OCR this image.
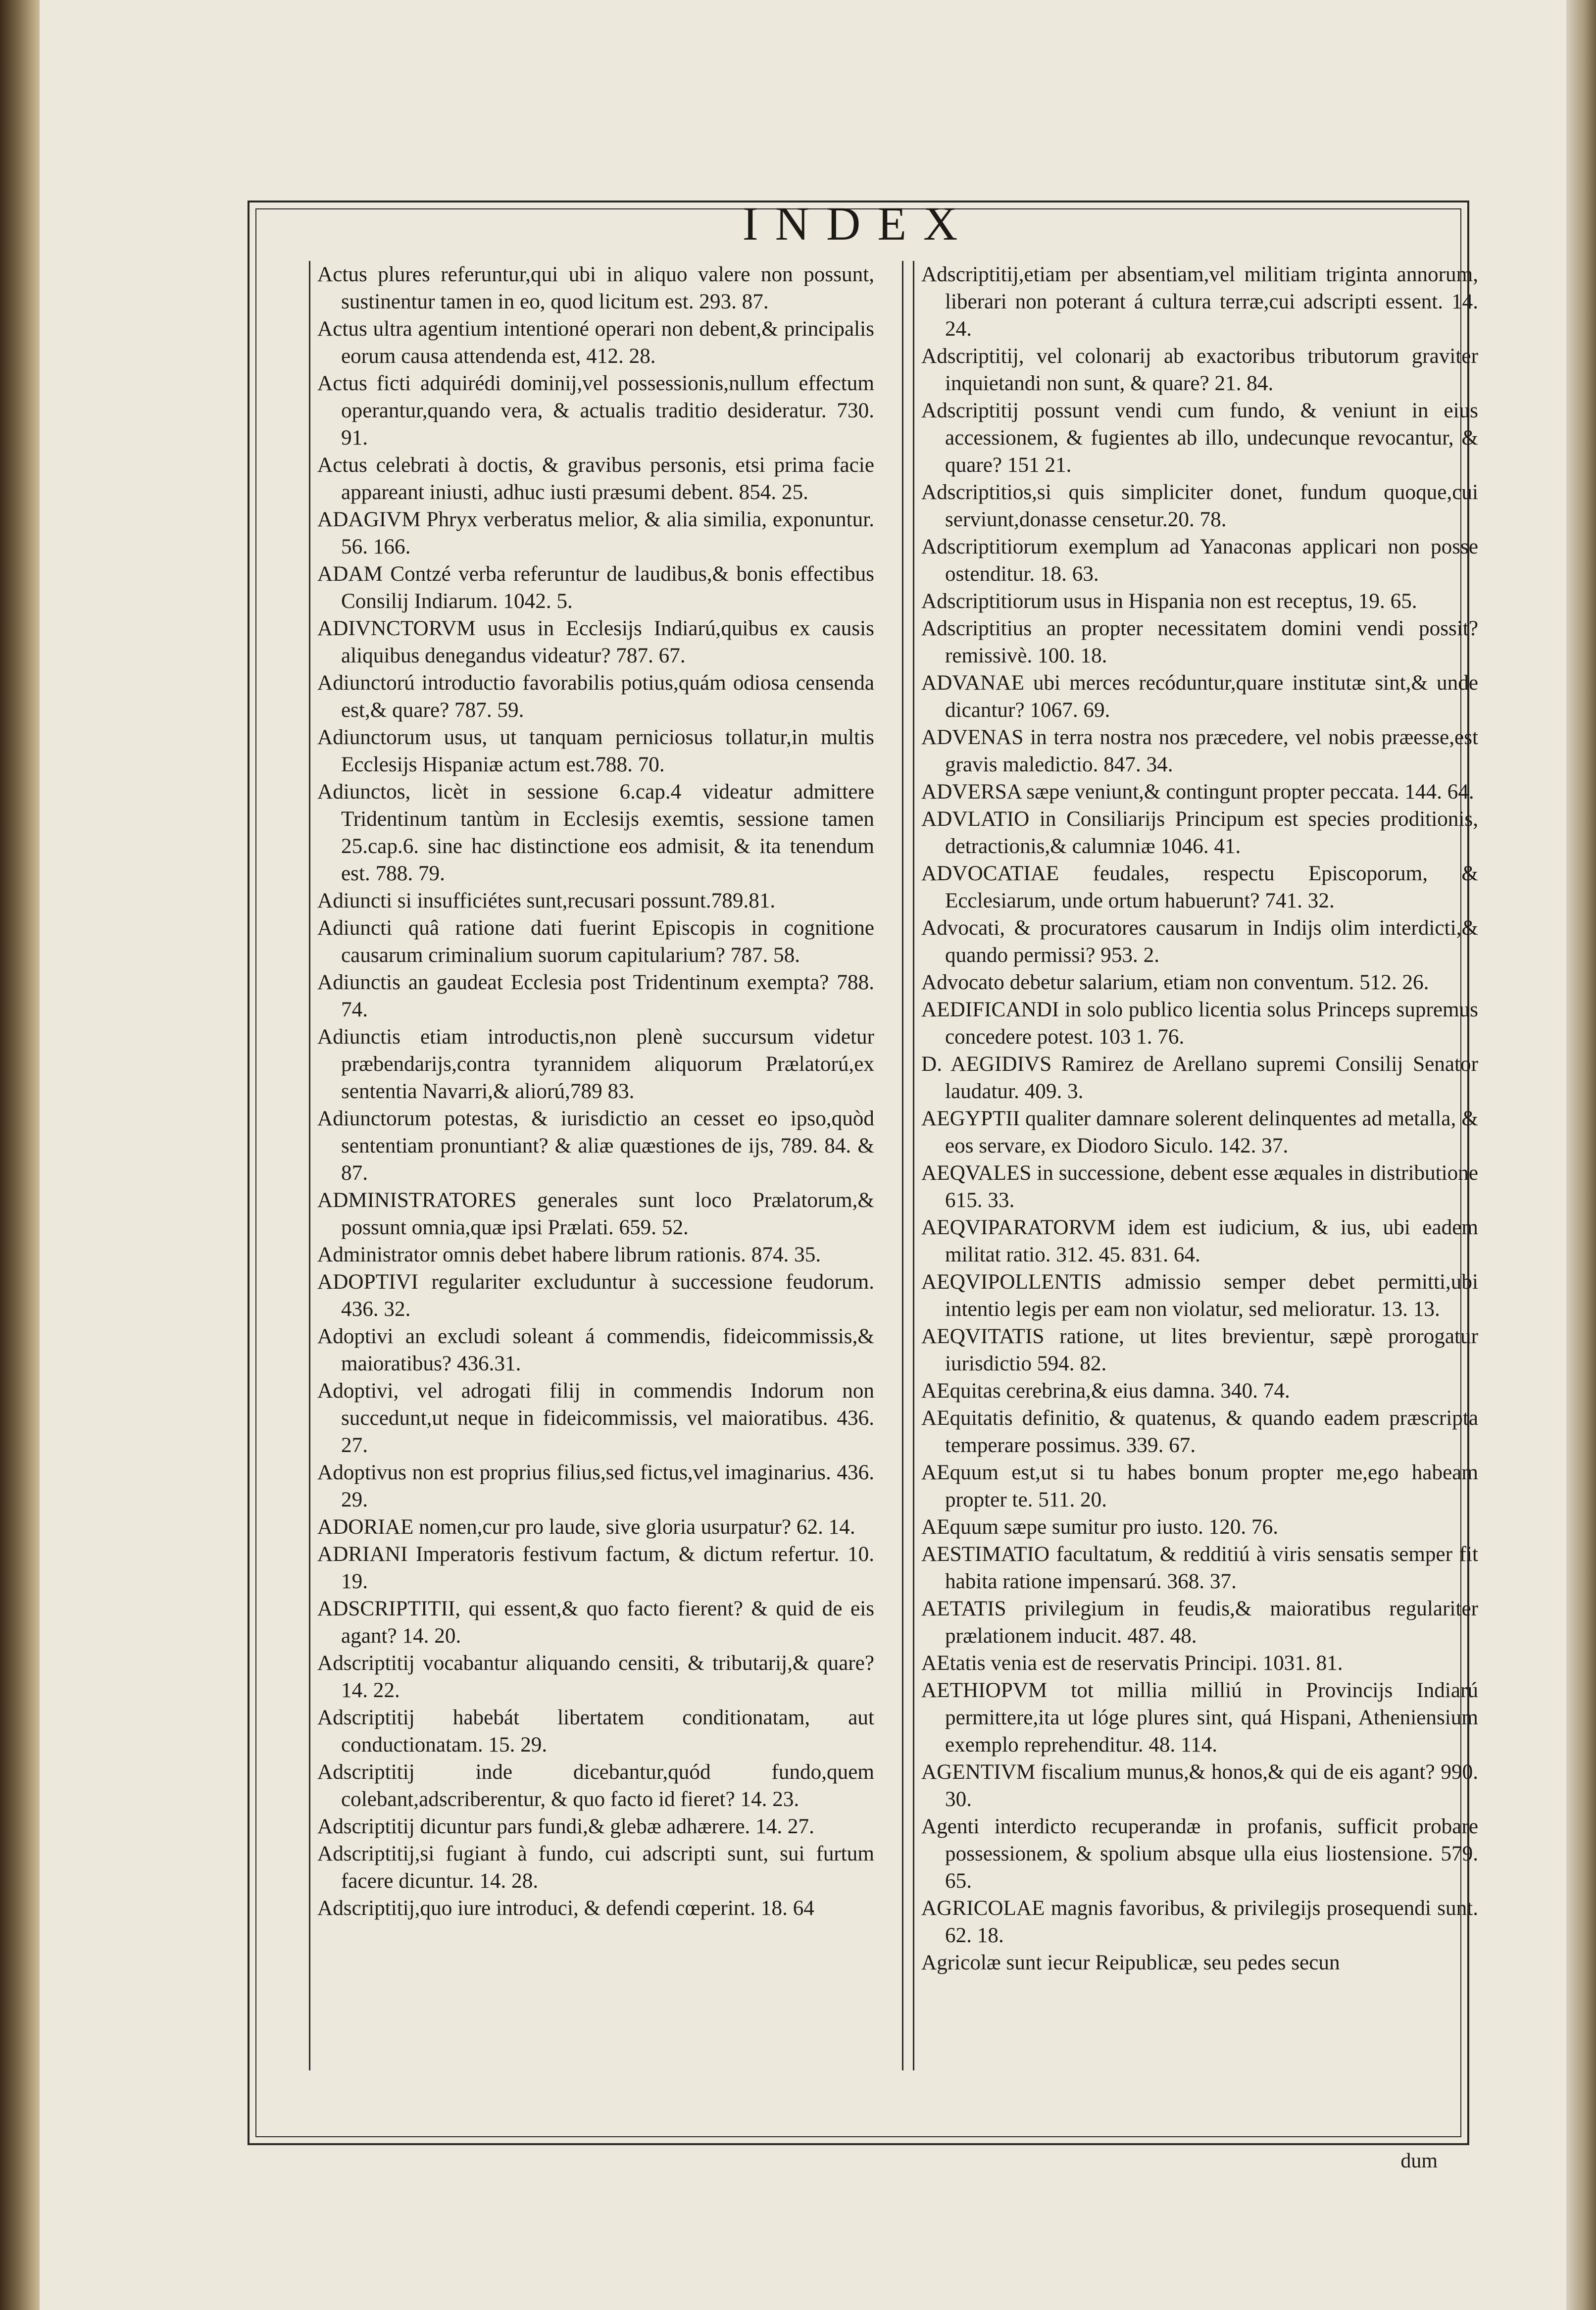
INDEX

Actus plures referuntur,qui ubi in aliquo valere non possunt, sustinentur tamen in eo, quod licitum est. 293. 87.

Actus ultra agentium intentioné operari non debent,& principalis eorum causa attendenda est, 412. 28.

Actus ficti adquirédi dominij,vel possessionis,nullum effectum operantur,quando vera, & actualis traditio desideratur. 730. 91.

Actus celebrati à doctis, & gravibus personis, etsi prima facie appareant iniusti, adhuc iusti præsumi debent. 854. 25.

ADAGIVM Phryx verberatus melior, & alia similia, exponuntur. 56. 166.

ADAM Contzé verba referuntur de laudibus,& bonis effectibus Consilij Indiarum. 1042. 5.

ADIVNCTORVM usus in Ecclesijs Indiarú,quibus ex causis aliquibus denegandus videatur? 787. 67.

Adiunctorú introductio favorabilis potius,quám odiosa censenda est,& quare? 787. 59.

Adiunctorum usus, ut tanquam perniciosus tollatur,in multis Ecclesijs Hispaniæ actum est.788. 70.

Adiunctos, licèt in sessione 6.cap.4 videatur admittere Tridentinum tantùm in Ecclesijs exemtis, sessione tamen 25.cap.6. sine hac distinctione eos admisit, & ita tenendum est. 788. 79.

Adiuncti si insufficiétes sunt,recusari possunt.789.81.

Adiuncti quâ ratione dati fuerint Episcopis in cognitione causarum criminalium suorum capitularium? 787. 58.

Adiunctis an gaudeat Ecclesia post Tridentinum exempta? 788. 74.

Adiunctis etiam introductis,non plenè succursum videtur præbendarijs,contra tyrannidem aliquorum Prælatorú,ex sententia Navarri,& aliorú,789 83.

Adiunctorum potestas, & iurisdictio an cesset eo ipso,quòd sententiam pronuntiant? & aliæ quæstiones de ijs, 789. 84. & 87.

ADMINISTRATORES generales sunt loco Prælatorum,& possunt omnia,quæ ipsi Prælati. 659. 52.

Administrator omnis debet habere librum rationis. 874. 35.

ADOPTIVI regulariter excluduntur à successione feudorum. 436. 32.

Adoptivi an excludi soleant á commendis, fideicommissis,& maioratibus? 436.31.

Adoptivi, vel adrogati filij in commendis Indorum non succedunt,ut neque in fideicommissis, vel maioratibus. 436. 27.

Adoptivus non est proprius filius,sed fictus,vel imaginarius. 436. 29.

ADORIAE nomen,cur pro laude, sive gloria usurpatur? 62. 14.

ADRIANI Imperatoris festivum factum, & dictum refertur. 10. 19.

ADSCRIPTITII, qui essent,& quo facto fierent? & quid de eis agant? 14. 20.

Adscriptitij vocabantur aliquando censiti, & tributarij,& quare? 14. 22.

Adscriptitij habebát libertatem conditionatam, aut conductionatam. 15. 29.

Adscriptitij inde dicebantur,quód fundo,quem colebant,adscriberentur, & quo facto id fieret? 14. 23.

Adscriptitij dicuntur pars fundi,& glebæ adhærere. 14. 27.

Adscriptitij,si fugiant à fundo, cui adscripti sunt, sui furtum facere dicuntur. 14. 28.

Adscriptitij,quo iure introduci, & defendi cœperint. 18. 64

Adscriptitij,etiam per absentiam,vel militiam triginta annorum, liberari non poterant á cultura terræ,cui adscripti essent. 14. 24.

Adscriptitij, vel colonarij ab exactoribus tributorum graviter inquietandi non sunt, & quare? 21. 84.

Adscriptitij possunt vendi cum fundo, & veniunt in eius accessionem, & fugientes ab illo, undecunque revocantur, & quare? 151 21.

Adscriptitios,si quis simpliciter donet, fundum quoque,cui serviunt,donasse censetur.20. 78.

Adscriptitiorum exemplum ad Yanaconas applicari non posse ostenditur. 18. 63.

Adscriptitiorum usus in Hispania non est receptus, 19. 65.

Adscriptitius an propter necessitatem domini vendi possit? remissivè. 100. 18.

ADVANAE ubi merces recóduntur,quare institutæ sint,& unde dicantur? 1067. 69.

ADVENAS in terra nostra nos præcedere, vel nobis præesse,est gravis maledictio. 847. 34.

ADVERSA sæpe veniunt,& contingunt propter peccata. 144. 64.

ADVLATIO in Consiliarijs Principum est species proditionis, detractionis,& calumniæ 1046. 41.

ADVOCATIAE feudales, respectu Episcoporum, & Ecclesiarum, unde ortum habuerunt? 741. 32.

Advocati, & procuratores causarum in Indijs olim interdicti,& quando permissi? 953. 2.

Advocato debetur salarium, etiam non conventum. 512. 26.

AEDIFICANDI in solo publico licentia solus Princeps supremus concedere potest. 103 1. 76.

D. AEGIDIVS Ramirez de Arellano supremi Consilij Senator laudatur. 409. 3.

AEGYPTII qualiter damnare solerent delinquentes ad metalla, & eos servare, ex Diodoro Siculo. 142. 37.

AEQVALES in successione, debent esse æquales in distributione 615. 33.

AEQVIPARATORVM idem est iudicium, & ius, ubi eadem militat ratio. 312. 45. 831. 64.

AEQVIPOLLENTIS admissio semper debet permitti,ubi intentio legis per eam non violatur, sed melioratur. 13. 13.

AEQVITATIS ratione, ut lites brevientur, sæpè prorogatur iurisdictio 594. 82.

AEquitas cerebrina,& eius damna. 340. 74.

AEquitatis definitio, & quatenus, & quando eadem præscripta temperare possimus. 339. 67.

AEquum est,ut si tu habes bonum propter me,ego habeam propter te. 511. 20.

AEquum sæpe sumitur pro iusto. 120. 76.

AESTIMATIO facultatum, & redditiú à viris sensatis semper fit habita ratione impensarú. 368. 37.

AETATIS privilegium in feudis,& maioratibus regulariter prælationem inducit. 487. 48.

AEtatis venia est de reservatis Principi. 1031. 81.

AETHIOPVM tot millia milliú in Provincijs Indiarú permittere,ita ut lóge plures sint, quá Hispani, Atheniensium exemplo reprehenditur. 48. 114.

AGENTIVM fiscalium munus,& honos,& qui de eis agant? 990. 30.

Agenti interdicto recuperandæ in profanis, sufficit probare possessionem, & spolium absque ulla eius liostensione. 579. 65.

AGRICOLAE magnis favoribus, & privilegijs prosequendi sunt. 62. 18.

Agricolæ sunt iecur Reipublicæ, seu pedes secun

dum
